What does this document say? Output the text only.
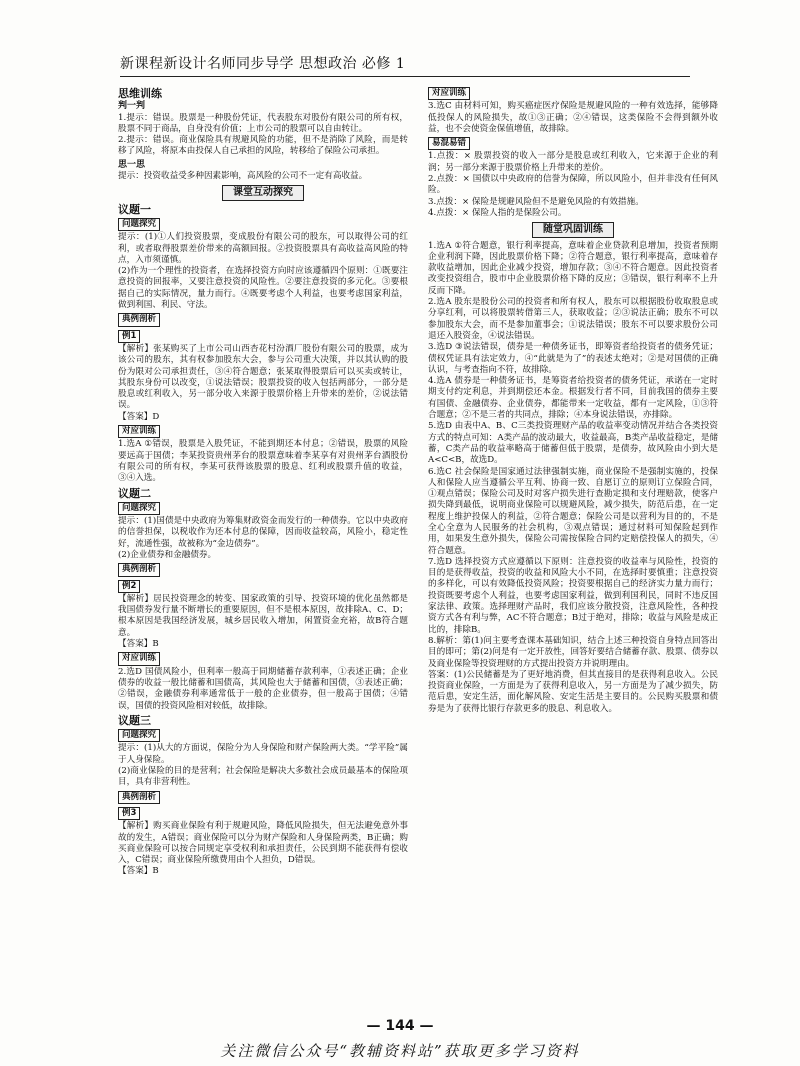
新课程新设计名师同步导学 思想政治 必修 1
思维训练
判一判
1.提示：错误。股票是一种股份凭证，代表股东对股份有限公司的所有权，股票不同于商品，自身没有价值；上市公司的股票可以自由转让。
2.提示：错误。商业保险具有规避风险的功能，但不是消除了风险，而是转移了风险，将原本由投保人自己承担的风险，转移给了保险公司承担。
思一思
提示：投资收益受多种因素影响，高风险的公司不一定有高收益。
课堂互动探究
议题一
问题探究

提示：(1)①人们投资股票，变成股份有限公司的股东，可以取得公司的红利，或者取得股票差价带来的高额回报。②投资股票具有高收益高风险的特点，入市须谨慎。
(2)作为一个理性的投资者，在选择投资方向时应该遵循四个原则：①既要注意投资的回报率，又要注意投资的风险性。②要注意投资的多元化。③要根据自己的实际情况，量力而行。④既要考虑个人利益，也要考虑国家利益，做到利国、利民、守法。
典例剖析
例1

【解析】张某购买了上市公司山西杏花村汾酒厂股份有限公司的股票，成为该公司的股东，其有权参加股东大会，参与公司重大决策，并以其认购的股份为限对公司承担责任，③④符合题意；张某取得股票后可以买卖或转让，其股东身份可以改变，①说法错误；股票投资的收入包括两部分，一部分是股息或红利收入，另一部分收入来源于股票价格上升带来的差价，②说法错误。
【答案】D
对应训练

1.选A ①错误，股票是入股凭证，不能到期还本付息；②错误，股票的风险要远高于国债；李某投资贵州茅台的股票意味着李某享有对贵州茅台酒股份有限公司的所有权，李某可获得该股票的股息、红利或股票升值的收益，③④入选。
议题二
问题探究

提示：(1)国债是中央政府为筹集财政资金而发行的一种债券。它以中央政府的信誉担保，以税收作为还本付息的保障，因而收益较高，风险小，稳定性好，流通性强，故被称为“金边债券”。
(2)企业债券和金融债券。
典例剖析
例2

【解析】居民投资理念的转变、国家政策的引导、投资环境的优化虽然都是我国债券发行量不断增长的重要原因，但不是根本原因，故排除A、C、D；根本原因是我国经济发展，城乡居民收入增加，闲置资金充裕，故B符合题意。
【答案】B
对应训练

2.选D 国债风险小，但利率一般高于同期储蓄存款利率，①表述正确；企业债券的收益一般比储蓄和国债高，其风险也大于储蓄和国债，③表述正确；②错误，金融债券利率通常低于一般的企业债券，但一般高于国债；④错误，国债的投资风险相对较低，故排除。
议题三
问题探究

提示：(1)从大的方面说，保险分为人身保险和财产保险两大类。“学平险”属于人身保险。
(2)商业保险的目的是营利；社会保险是解决大多数社会成员最基本的保险项目，具有非营利性。
典例剖析
例3

【解析】购买商业保险有利于规避风险，降低风险损失，但无法避免意外事故的发生，A错误；商业保险可以分为财产保险和人身保险两类，B正确；购买商业保险可以按合同规定享受权利和承担责任，公民到期不能获得有偿收入，C错误；商业保险所缴费用由个人担负，D错误。
【答案】B
对应训练

3.选C 由材料可知，购买癌症医疗保险是规避风险的一种有效选择，能够降低投保人的风险损失，故①③正确；②④错误，这类保险不会得到额外收益，也不会使资金保值增值，故排除。
易混易错

1.点拨：× 股票投资的收入一部分是股息或红利收入，它来源于企业的利润；另一部分来源于股票价格上升带来的差价。
2.点拨：× 国债以中央政府的信誉为保障，所以风险小，但并非没有任何风险。
3.点拨：× 保险是规避风险但不是避免风险的有效措施。
4.点拨：× 保险人指的是保险公司。
随堂巩固训练
1.选A ①符合题意，银行利率提高，意味着企业贷款利息增加，投资者预期企业利润下降，因此股票价格下降；②符合题意，银行利率提高，意味着存款收益增加，因此企业减少投资，增加存款；③④不符合题意。因此投资者改变投资组合，股市中企业股票价格下降的反应；③错误，银行利率不上升反而下降。
2.选A 股东是股份公司的投资者和所有权人，股东可以根据股份收取股息或分享红利，可以将股票转借第三人，获取收益；②③说法正确；股东不可以参加股东大会，而不是参加董事会；①说法错误；股东不可以要求股份公司退还入股资金，④说法错误。
3.选D ③说法错误，债券是一种债务证书，即筹资者给投资者的债务凭证；债权凭证具有法定效力，④“此就是为了”的表述太绝对；②是对国债的正确认识，与考查指向不符，故排除。
4.选A 债券是一种债务证书，是筹资者给投资者的债务凭证，承诺在一定时期支付约定利息，并到期偿还本金。根据发行者不同，目前我国的债券主要有国债、金融债券、企业债券，都能带来一定收益，都有一定风险，①③符合题意；②不是三者的共同点，排除；④本身说法错误，亦排除。
5.选D 由表中A、B、C三类投资理财产品的收益率变动情况并结合各类投资方式的特点可知：A类产品的波动最大，收益最高，B类产品收益稳定，是储蓄，C类产品的收益率略高于储蓄但低于股票，是债券，故风险由小到大是A<C<B，故选D。
6.选C 社会保险是国家通过法律强制实施，商业保险不是强制实施的，投保人和保险人应当遵循公平互利、协商一致、自愿订立的原则订立保险合同，①观点错误；保险公司及时对客户损失进行查勘定损和支付理赔款，使客户损失降到最低，说明商业保险可以规避风险，减少损失，防范后患，在一定程度上维护投保人的利益，②符合题意；保险公司是以营利为目的的，不是全心全意为人民服务的社会机构，③观点错误；通过材料可知保险起到作用，如果发生意外损失，保险公司需按保险合同约定赔偿投保人的损失，④符合题意。
7.选D 选择投资方式应遵循以下原则：注意投资的收益率与风险性，投资的目的是获得收益，投资的收益和风险大小不同，在选择时要慎重；注意投资的多样化，可以有效降低投资风险；投资要根据自己的经济实力量力而行；投资既要考虑个人利益，也要考虑国家利益，做到利国利民，同时不违反国家法律、政策。选择理财产品时，我们应该分散投资，注意风险性，各种投资方式各有利与弊，AC不符合题意；B过于绝对，排除；收益与风险是成正比的，排除B。
8.解析：第(1)问主要考查课本基础知识，结合上述三种投资自身特点回答出目的即可；第(2)问是有一定开放性，回答好要结合储蓄存款、股票、债券以及商业保险等投资理财的方式提出投资方并说明理由。
答案：(1)公民储蓄是为了更好地消费，但其直接目的是获得利息收入。公民投资商业保险，一方面是为了获得利息收入，另一方面是为了减少损失，防范后患，安定生活，面化解风险、安定生活是主要目的。公民购买股票和债券是为了获得比银行存款更多的股息、利息收入。
— 144 —
关注微信公众号“教辅资料站”获取更多学习资料
